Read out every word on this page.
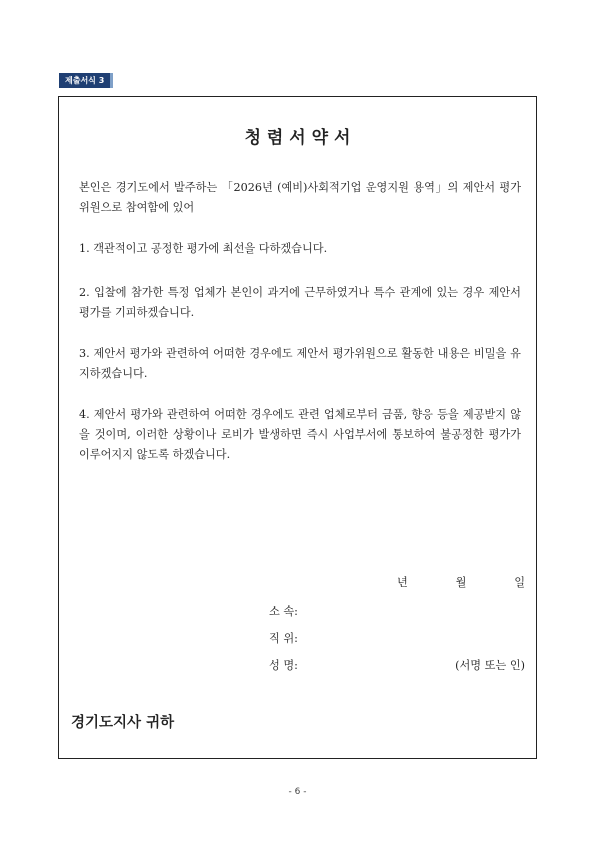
제출서식 3
청 렴 서 약 서

본인은 경기도에서 발주하는 「2026년 (예비)사회적기업 운영지원 용역」의 제안서 평가위원으로 참여함에 있어

1. 객관적이고 공정한 평가에 최선을 다하겠습니다.

2. 입찰에 참가한 특정 업체가 본인이 과거에 근무하였거나 특수 관계에 있는 경우 제안서 평가를 기피하겠습니다.

3. 제안서 평가와 관련하여 어떠한 경우에도 제안서 평가위원으로 활동한 내용은 비밀을 유지하겠습니다.

4. 제안서 평가와 관련하여 어떠한 경우에도 관련 업체로부터 금품, 향응 등을 제공받지 않을 것이며, 이러한 상황이나 로비가 발생하면 즉시 사업부서에 통보하여 불공정한 평가가 이루어지지 않도록 하겠습니다.

년	월	일
소 속:
직 위:
성 명:	(서명 또는 인)
경기도지사 귀하
- 6 -
